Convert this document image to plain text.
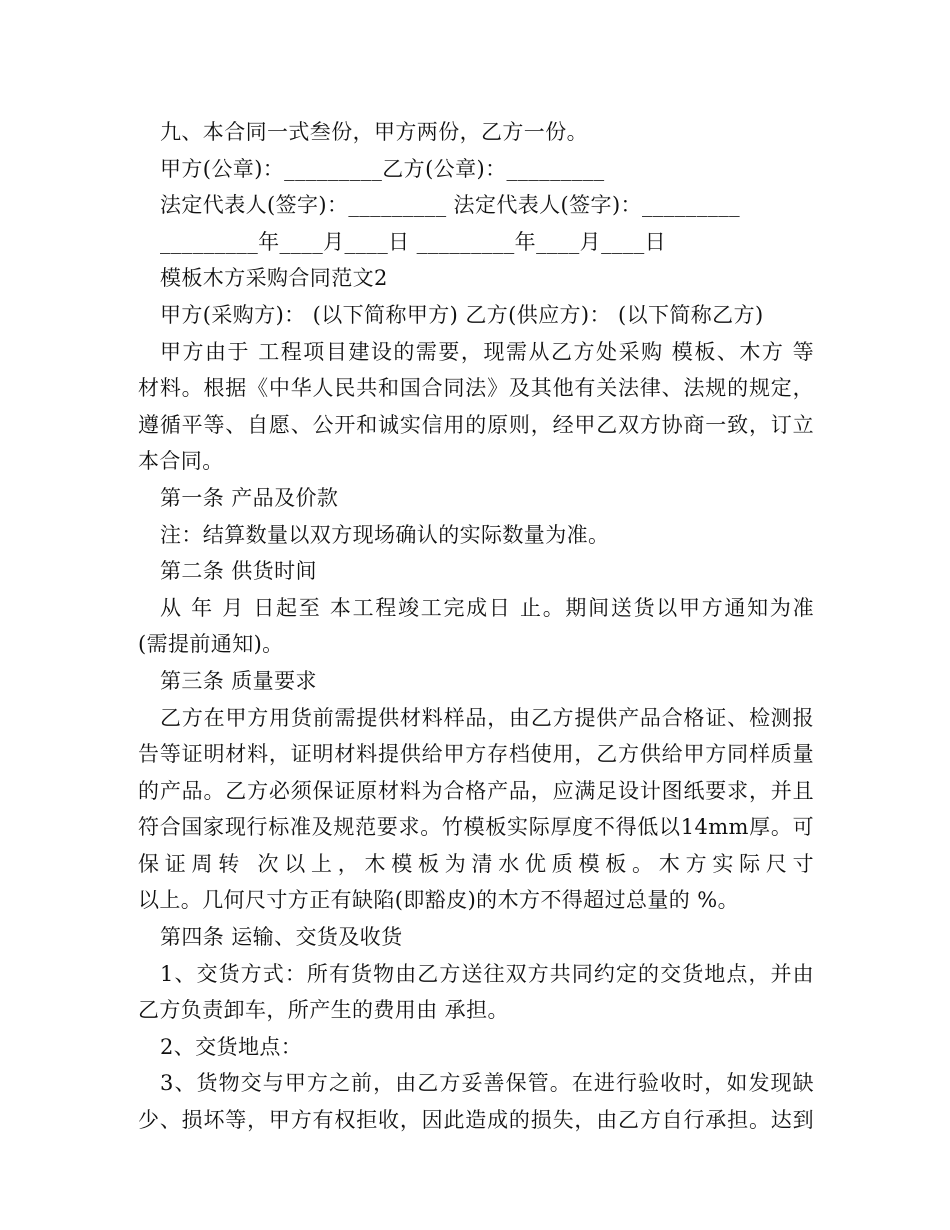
九、本合同一式叁份，甲方两份，乙方一份。
甲方(公章)：_________乙方(公章)：_________
法定代表人(签字)：_________ 法定代表人(签字)：_________
_________年____月____日 _________年____月____日
模板木方采购合同范文2
甲方(采购方)： (以下简称甲方) 乙方(供应方)： (以下简称乙方)
甲方由于 工程项目建设的需要，现需从乙方处采购 模板、木方 等
材料。根据《中华人民共和国合同法》及其他有关法律、法规的规定，
遵循平等、自愿、公开和诚实信用的原则，经甲乙双方协商一致，订立
本合同。
第一条 产品及价款
注：结算数量以双方现场确认的实际数量为准。
第二条 供货时间
从 年 月 日起至 本工程竣工完成日 止。期间送货以甲方通知为准
(需提前通知)。
第三条 质量要求
乙方在甲方用货前需提供材料样品，由乙方提供产品合格证、检测报
告等证明材料，证明材料提供给甲方存档使用，乙方供给甲方同样质量
的产品。乙方必须保证原材料为合格产品，应满足设计图纸要求，并且
符合国家现行标准及规范要求。竹模板实际厚度不得低以14mm厚。可
保证周转 次以上，木模板为清水优质模板。木方实际尺寸
以上。几何尺寸方正有缺陷(即豁皮)的木方不得超过总量的 %。
第四条 运输、交货及收货
1、交货方式：所有货物由乙方送往双方共同约定的交货地点，并由
乙方负责卸车，所产生的费用由 承担。
2、交货地点：
3、货物交与甲方之前，由乙方妥善保管。在进行验收时，如发现缺
少、损坏等，甲方有权拒收，因此造成的损失，由乙方自行承担。达到
